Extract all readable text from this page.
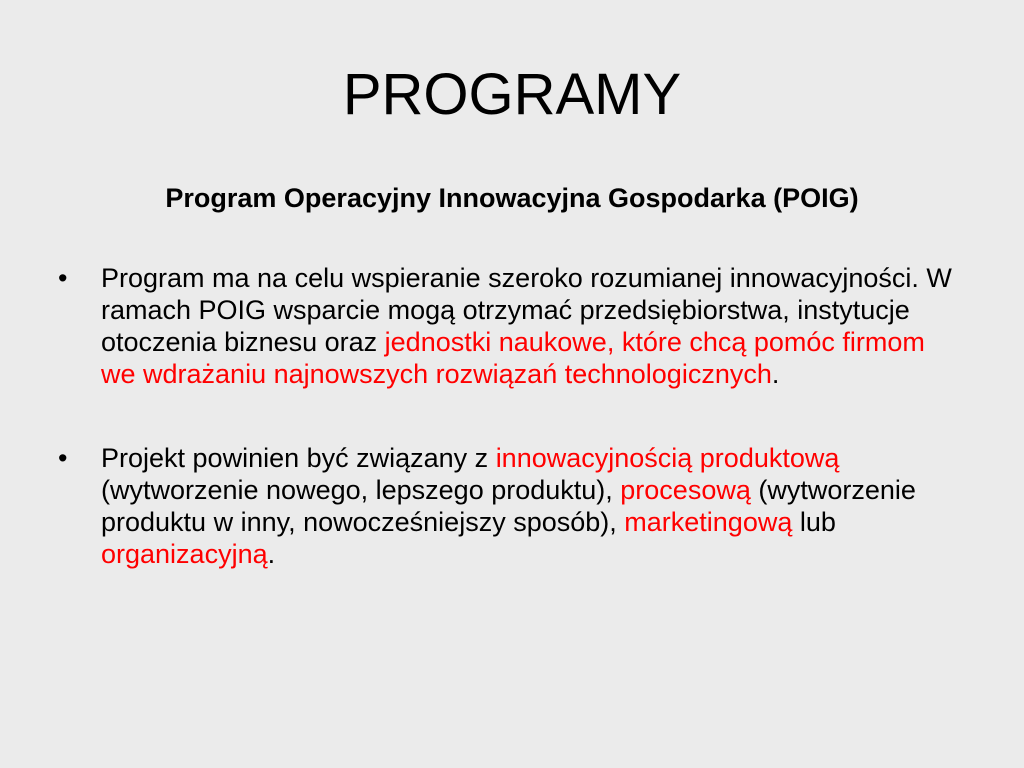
PROGRAMY
Program Operacyjny Innowacyjna Gospodarka (POIG)
• Program ma na celu wspieranie szeroko rozumianej innowacyjności. W ramach POIG wsparcie mogą otrzymać przedsiębiorstwa, instytucje otoczenia biznesu oraz jednostki naukowe, które chcą pomóc firmom we wdrażaniu najnowszych rozwiązań technologicznych.
• Projekt powinien być związany z innowacyjnością produktową (wytworzenie nowego, lepszego produktu), procesową (wytworzenie produktu w inny, nowocześniejszy sposób), marketingową lub organizacyjną.
